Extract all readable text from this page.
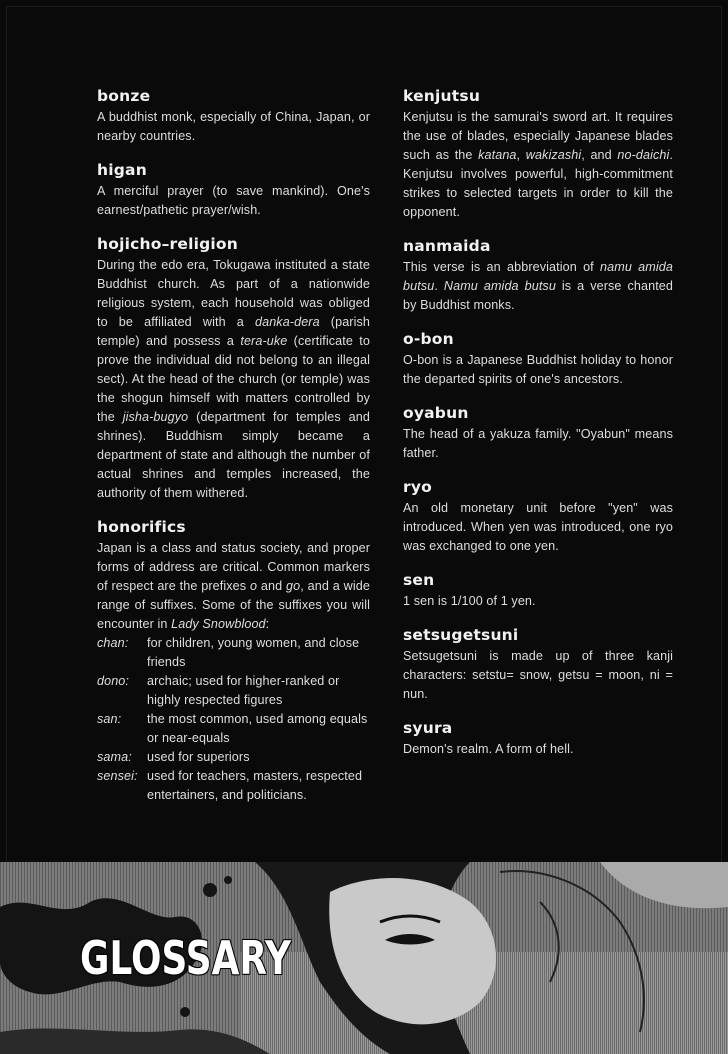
bonze
A buddhist monk, especially of China, Japan, or nearby countries.
higan
A merciful prayer (to save mankind). One's earnest/pathetic prayer/wish.
hojicho–religion
During the edo era, Tokugawa instituted a state Buddhist church. As part of a nationwide religious system, each household was obliged to be affiliated with a danka-dera (parish temple) and possess a tera-uke (certificate to prove the individual did not belong to an illegal sect). At the head of the church (or temple) was the shogun himself with matters controlled by the jisha-bugyo (department for temples and shrines). Buddhism simply became a department of state and although the number of actual shrines and temples increased, the authority of them withered.
honorifics
Japan is a class and status society, and proper forms of address are critical. Common markers of respect are the prefixes o and go, and a wide range of suffixes. Some of the suffixes you will encounter in Lady Snowblood:
chan:	for children, young women, and close friends
dono:	archaic; used for higher-ranked or highly respected figures
san:	the most common, used among equals or near-equals
sama:	used for superiors
sensei: used for teachers, masters, respected entertainers, and politicians.
kenjutsu
Kenjutsu is the samurai's sword art. It requires the use of blades, especially Japanese blades such as the katana, wakizashi, and no-daichi. Kenjutsu involves powerful, high-commitment strikes to selected targets in order to kill the opponent.
nanmaida
This verse is an abbreviation of namu amida butsu. Namu amida butsu is a verse chanted by Buddhist monks.
o-bon
O-bon is a Japanese Buddhist holiday to honor the departed spirits of one's ancestors.
oyabun
The head of a yakuza family. "Oyabun" means father.
ryo
An old monetary unit before "yen" was introduced. When yen was introduced, one ryo was exchanged to one yen.
sen
1 sen is 1/100 of 1 yen.
setsugetsuni
Setsugetsuni is made up of three kanji characters: setstu= snow, getsu = moon, ni = nun.
syura
Demon's realm. A form of hell.
GLOSSARY
